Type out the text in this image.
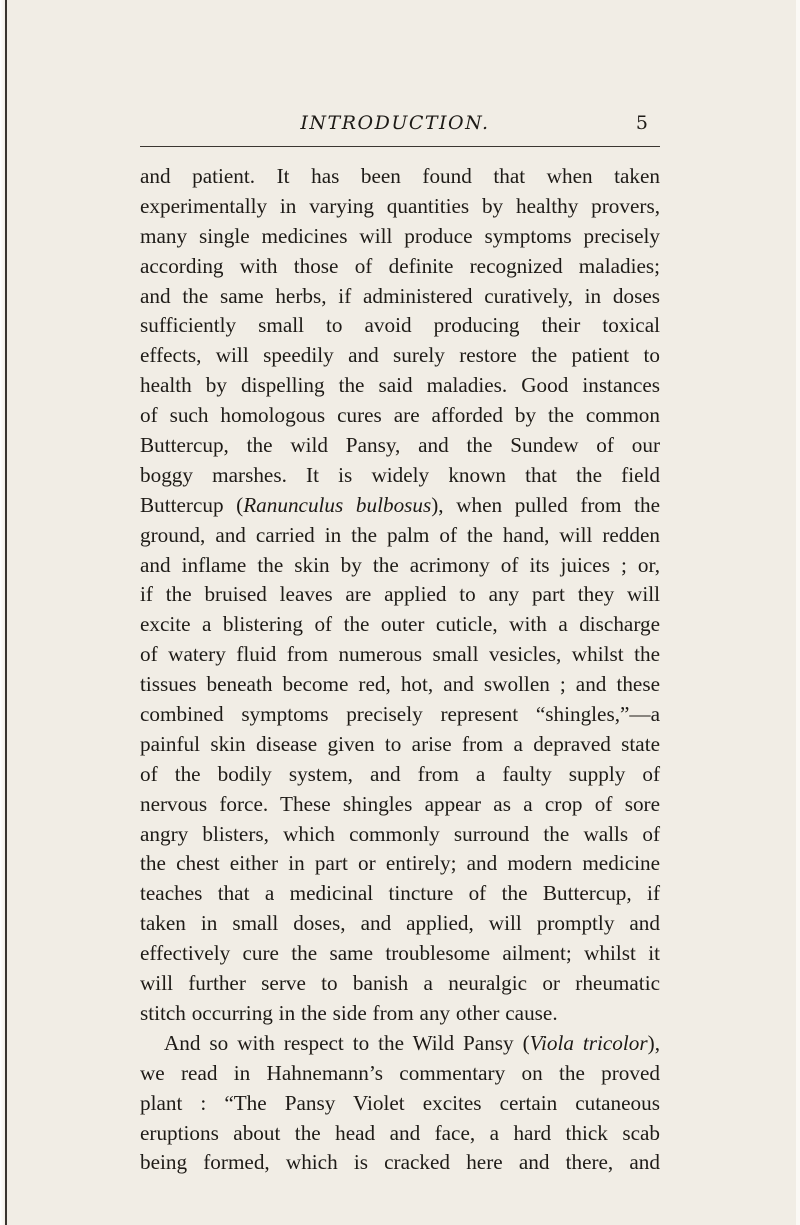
INTRODUCTION.	5
and patient. It has been found that when taken
experimentally in varying quantities by healthy provers,
many single medicines will produce symptoms precisely
according with those of definite recognized maladies;
and the same herbs, if administered curatively, in doses
sufficiently small to avoid producing their toxical
effects, will speedily and surely restore the patient to
health by dispelling the said maladies. Good instances
of such homologous cures are afforded by the common
Buttercup, the wild Pansy, and the Sundew of our
boggy marshes. It is widely known that the field
Buttercup (Ranunculus bulbosus), when pulled from the
ground, and carried in the palm of the hand, will redden
and inflame the skin by the acrimony of its juices ; or,
if the bruised leaves are applied to any part they will
excite a blistering of the outer cuticle, with a discharge
of watery fluid from numerous small vesicles, whilst the
tissues beneath become red, hot, and swollen ; and these
combined symptoms precisely represent “shingles,”—a
painful skin disease given to arise from a depraved state
of the bodily system, and from a faulty supply of
nervous force. These shingles appear as a crop of sore
angry blisters, which commonly surround the walls of
the chest either in part or entirely; and modern medicine
teaches that a medicinal tincture of the Buttercup, if
taken in small doses, and applied, will promptly and
effectively cure the same troublesome ailment; whilst it
will further serve to banish a neuralgic or rheumatic
stitch occurring in the side from any other cause.
And so with respect to the Wild Pansy (Viola tricolor),
we read in Hahnemann’s commentary on the proved
plant : “The Pansy Violet excites certain cutaneous
eruptions about the head and face, a hard thick scab
being formed, which is cracked here and there, and
